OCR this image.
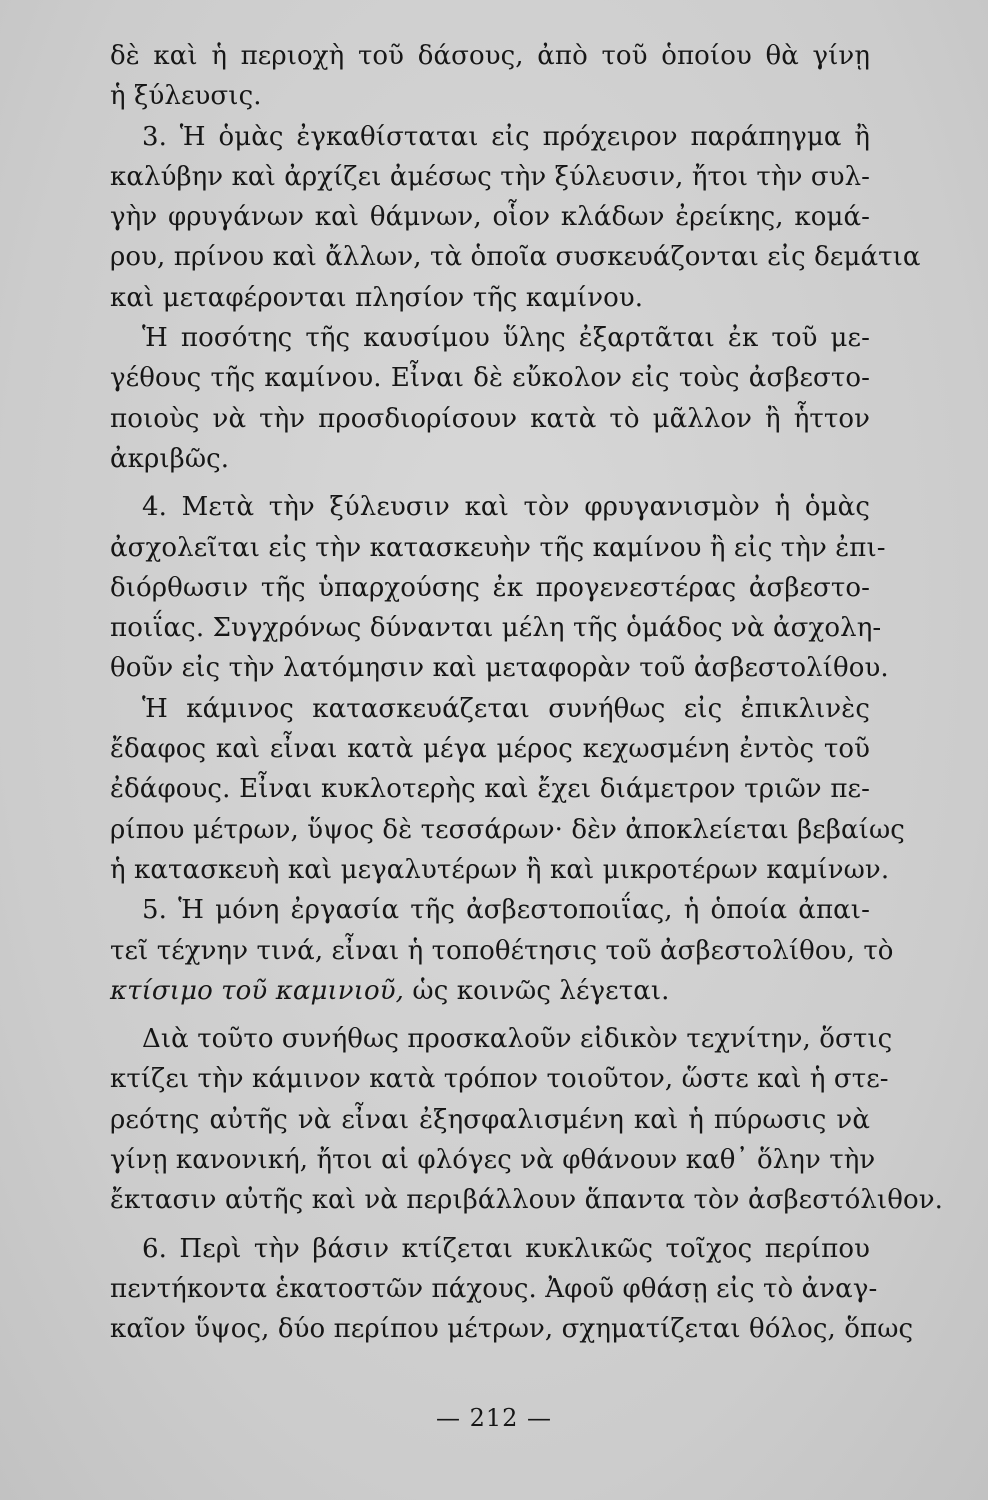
δὲ καὶ ἡ περιοχὴ τοῦ δάσους, ἀπὸ τοῦ ὁποίου θὰ γίνῃ
ἡ ξύλευσις.
3. Ἡ ὁμὰς ἐγκαθίσταται εἰς πρόχειρον παράπηγμα ἢ
καλύβην καὶ ἀρχίζει ἀμέσως τὴν ξύλευσιν, ἤτοι τὴν συλ-
γὴν φρυγάνων καὶ θάμνων, οἷον κλάδων ἐρείκης, κομά-
ρου, πρίνου καὶ ἄλλων, τὰ ὁποῖα συσκευάζονται εἰς δεμάτια
καὶ μεταφέρονται πλησίον τῆς καμίνου.
Ἡ ποσότης τῆς καυσίμου ὕλης ἐξαρτᾶται ἐκ τοῦ με-
γέθους τῆς καμίνου. Εἶναι δὲ εὔκολον εἰς τοὺς ἀσβεστο-
ποιοὺς νὰ τὴν προσδιορίσουν κατὰ τὸ μᾶλλον ἢ ἧττον
ἀκριβῶς.
4. Μετὰ τὴν ξύλευσιν καὶ τὸν φρυγανισμὸν ἡ ὁμὰς
ἀσχολεῖται εἰς τὴν κατασκευὴν τῆς καμίνου ἢ εἰς τὴν ἐπι-
διόρθωσιν τῆς ὑπαρχούσης ἐκ προγενεστέρας ἀσβεστο-
ποιΐας. Συγχρόνως δύνανται μέλη τῆς ὁμάδος νὰ ἀσχολη-
θοῦν εἰς τὴν λατόμησιν καὶ μεταφορὰν τοῦ ἀσβεστολίθου.
Ἡ κάμινος κατασκευάζεται συνήθως εἰς ἐπικλινὲς
ἔδαφος καὶ εἶναι κατὰ μέγα μέρος κεχωσμένη ἐντὸς τοῦ
ἐδάφους. Εἶναι κυκλοτερὴς καὶ ἔχει διάμετρον τριῶν πε-
ρίπου μέτρων, ὕψος δὲ τεσσάρων· δὲν ἀποκλείεται βεβαίως
ἡ κατασκευὴ καὶ μεγαλυτέρων ἢ καὶ μικροτέρων καμίνων.
5. Ἡ μόνη ἐργασία τῆς ἀσβεστοποιΐας, ἡ ὁποία ἀπαι-
τεῖ τέχνην τινά, εἶναι ἡ τοποθέτησις τοῦ ἀσβεστολίθου, τὸ
κτίσιμο τοῦ καμινιοῦ, ὡς κοινῶς λέγεται.
Διὰ τοῦτο συνήθως προσκαλοῦν εἰδικὸν τεχνίτην, ὅστις
κτίζει τὴν κάμινον κατὰ τρόπον τοιοῦτον, ὥστε καὶ ἡ στε-
ρεότης αὐτῆς νὰ εἶναι ἐξησφαλισμένη καὶ ἡ πύρωσις νὰ
γίνῃ κανονική, ἤτοι αἱ φλόγες νὰ φθάνουν καθ᾽ ὅλην τὴν
ἔκτασιν αὐτῆς καὶ νὰ περιβάλλουν ἅπαντα τὸν ἀσβεστόλιθον.
6. Περὶ τὴν βάσιν κτίζεται κυκλικῶς τοῖχος περίπου
πεντήκοντα ἑκατοστῶν πάχους. Ἀφοῦ φθάσῃ εἰς τὸ ἀναγ-
καῖον ὕψος, δύο περίπου μέτρων, σχηματίζεται θόλος, ὅπως
— 212 —
